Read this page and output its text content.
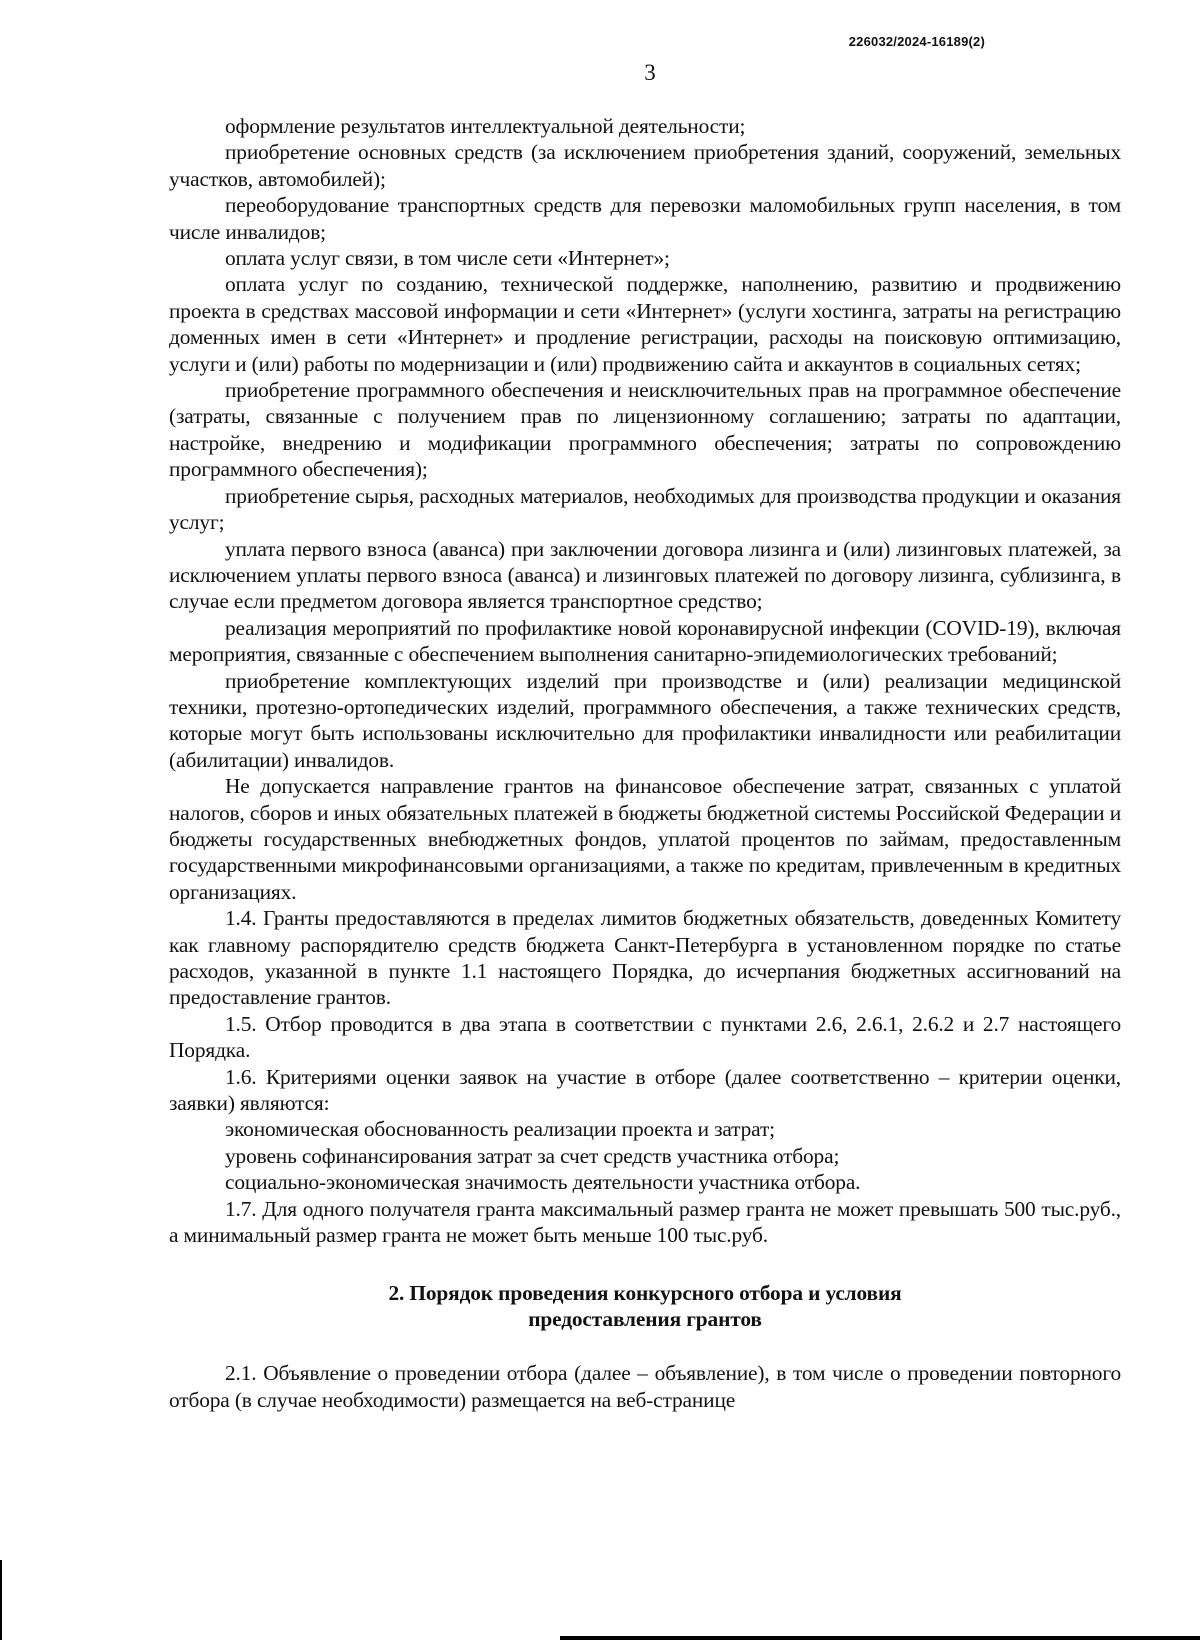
226032/2024-16189(2)
3

оформление результатов интеллектуальной деятельности;

приобретение основных средств (за исключением приобретения зданий, сооружений, земельных участков, автомобилей);

переоборудование транспортных средств для перевозки маломобильных групп населения, в том числе инвалидов;

оплата услуг связи, в том числе сети «Интернет»;

оплата услуг по созданию, технической поддержке, наполнению, развитию и продвижению проекта в средствах массовой информации и сети «Интернет» (услуги хостинга, затраты на регистрацию доменных имен в сети «Интернет» и продление регистрации, расходы на поисковую оптимизацию, услуги и (или) работы по модернизации и (или) продвижению сайта и аккаунтов в социальных сетях;

приобретение программного обеспечения и неисключительных прав на программное обеспечение (затраты, связанные с получением прав по лицензионному соглашению; затраты по адаптации, настройке, внедрению и модификации программного обеспечения; затраты по сопровождению программного обеспечения);

приобретение сырья, расходных материалов, необходимых для производства продукции и оказания услуг;

уплата первого взноса (аванса) при заключении договора лизинга и (или) лизинговых платежей, за исключением уплаты первого взноса (аванса) и лизинговых платежей по договору лизинга, сублизинга, в случае если предметом договора является транспортное средство;

реализация мероприятий по профилактике новой коронавирусной инфекции (COVID-19), включая мероприятия, связанные с обеспечением выполнения санитарно-эпидемиологических требований;

приобретение комплектующих изделий при производстве и (или) реализации медицинской техники, протезно-ортопедических изделий, программного обеспечения, а также технических средств, которые могут быть использованы исключительно для профилактики инвалидности или реабилитации (абилитации) инвалидов.

Не допускается направление грантов на финансовое обеспечение затрат, связанных с уплатой налогов, сборов и иных обязательных платежей в бюджеты бюджетной системы Российской Федерации и бюджеты государственных внебюджетных фондов, уплатой процентов по займам, предоставленным государственными микрофинансовыми организациями, а также по кредитам, привлеченным в кредитных организациях.

1.4. Гранты предоставляются в пределах лимитов бюджетных обязательств, доведенных Комитету как главному распорядителю средств бюджета Санкт-Петербурга в установленном порядке по статье расходов, указанной в пункте 1.1 настоящего Порядка, до исчерпания бюджетных ассигнований на предоставление грантов.

1.5. Отбор проводится в два этапа в соответствии с пунктами 2.6, 2.6.1, 2.6.2 и 2.7 настоящего Порядка.

1.6. Критериями оценки заявок на участие в отборе (далее соответственно – критерии оценки, заявки) являются:

экономическая обоснованность реализации проекта и затрат;

уровень софинансирования затрат за счет средств участника отбора;

социально-экономическая значимость деятельности участника отбора.

1.7. Для одного получателя гранта максимальный размер гранта не может превышать 500 тыс.руб., а минимальный размер гранта не может быть меньше 100 тыс.руб.

2. Порядок проведения конкурсного отбора и условия
предоставления грантов

2.1. Объявление о проведении отбора (далее – объявление), в том числе о проведении повторного отбора (в случае необходимости) размещается на веб-странице
